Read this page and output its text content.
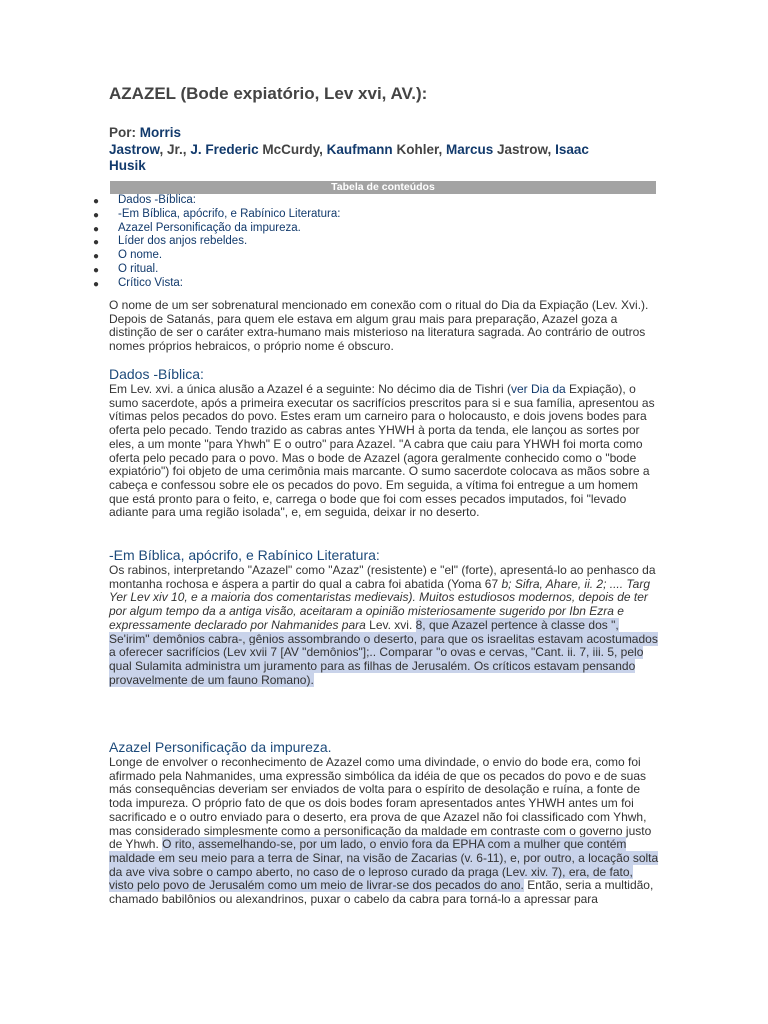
AZAZEL (Bode expiatório, Lev xvi, AV.):
Por: Morris
Jastrow, Jr., J. Frederic McCurdy, Kaufmann Kohler, Marcus Jastrow, Isaac
Husik
Tabela de conteúdos
● Dados -Bíblica:
● -Em Bíblica, apócrifo, e Rabínico Literatura:
● Azazel Personificação da impureza.
● Líder dos anjos rebeldes.
● O nome.
● O ritual.
● Crítico Vista:

O nome de um ser sobrenatural mencionado em conexão com o ritual do Dia da Expiação (Lev. Xvi.). Depois de Satanás, para quem ele estava em algum grau mais para preparação, Azazel goza a distinção de ser o caráter extra-humano mais misterioso na literatura sagrada. Ao contrário de outros nomes próprios hebraicos, o próprio nome é obscuro.

Dados -Bíblica:

Em Lev. xvi. a única alusão a Azazel é a seguinte: No décimo dia de Tishri (ver Dia da Expiação), o sumo sacerdote, após a primeira executar os sacrifícios prescritos para si e sua família, apresentou as vítimas pelos pecados do povo. Estes eram um carneiro para o holocausto, e dois jovens bodes para oferta pelo pecado. Tendo trazido as cabras antes YHWH à porta da tenda, ele lançou as sortes por eles, a um monte "para Yhwh" E o outro" para Azazel. "A cabra que caiu para YHWH foi morta como oferta pelo pecado para o povo. Mas o bode de Azazel (agora geralmente conhecido como o "bode expiatório") foi objeto de uma cerimônia mais marcante. O sumo sacerdote colocava as mãos sobre a cabeça e confessou sobre ele os pecados do povo. Em seguida, a vítima foi entregue a um homem que está pronto para o feito, e, carrega o bode que foi com esses pecados imputados, foi "levado adiante para uma região isolada", e, em seguida, deixar ir no deserto.

-Em Bíblica, apócrifo, e Rabínico Literatura:

Os rabinos, interpretando "Azazel" como "Azaz" (resistente) e "el" (forte), apresentá-lo ao penhasco da montanha rochosa e áspera a partir do qual a cabra foi abatida (Yoma 67 b; Sifra, Ahare, ii. 2; .... Targ Yer Lev xiv 10, e a maioria dos comentaristas medievais). Muitos estudiosos modernos, depois de ter por algum tempo da a antiga visão, aceitaram a opinião misteriosamente sugerido por Ibn Ezra e expressamente declarado por Nahmanides para Lev. xvi. 8, que Azazel pertence à classe dos ", Se'irim" demônios cabra-, gênios assombrando o deserto, para que os israelitas estavam acostumados a oferecer sacrifícios (Lev xvii 7 [AV "demônios"];.. Comparar "o ovas e cervas, "Cant. ii. 7, iii. 5, pelo qual Sulamita administra um juramento para as filhas de Jerusalém. Os críticos estavam pensando provavelmente de um fauno Romano).

Azazel Personificação da impureza.

Longe de envolver o reconhecimento de Azazel como uma divindade, o envio do bode era, como foi afirmado pela Nahmanides, uma expressão simbólica da idéia de que os pecados do povo e de suas más consequências deveriam ser enviados de volta para o espírito de desolação e ruína, a fonte de toda impureza. O próprio fato de que os dois bodes foram apresentados antes YHWH antes um foi sacrificado e o outro enviado para o deserto, era prova de que Azazel não foi classificado com Yhwh, mas considerado simplesmente como a personificação da maldade em contraste com o governo justo de Yhwh. O rito, assemelhando-se, por um lado, o envio fora da EPHA com a mulher que contém maldade em seu meio para a terra de Sinar, na visão de Zacarias (v. 6-11), e, por outro, a locação solta da ave viva sobre o campo aberto, no caso de o leproso curado da praga (Lev. xiv. 7), era, de fato, visto pelo povo de Jerusalém como um meio de livrar-se dos pecados do ano. Então, seria a multidão, chamado babilônios ou alexandrinos, puxar o cabelo da cabra para torná-lo a apressar para
